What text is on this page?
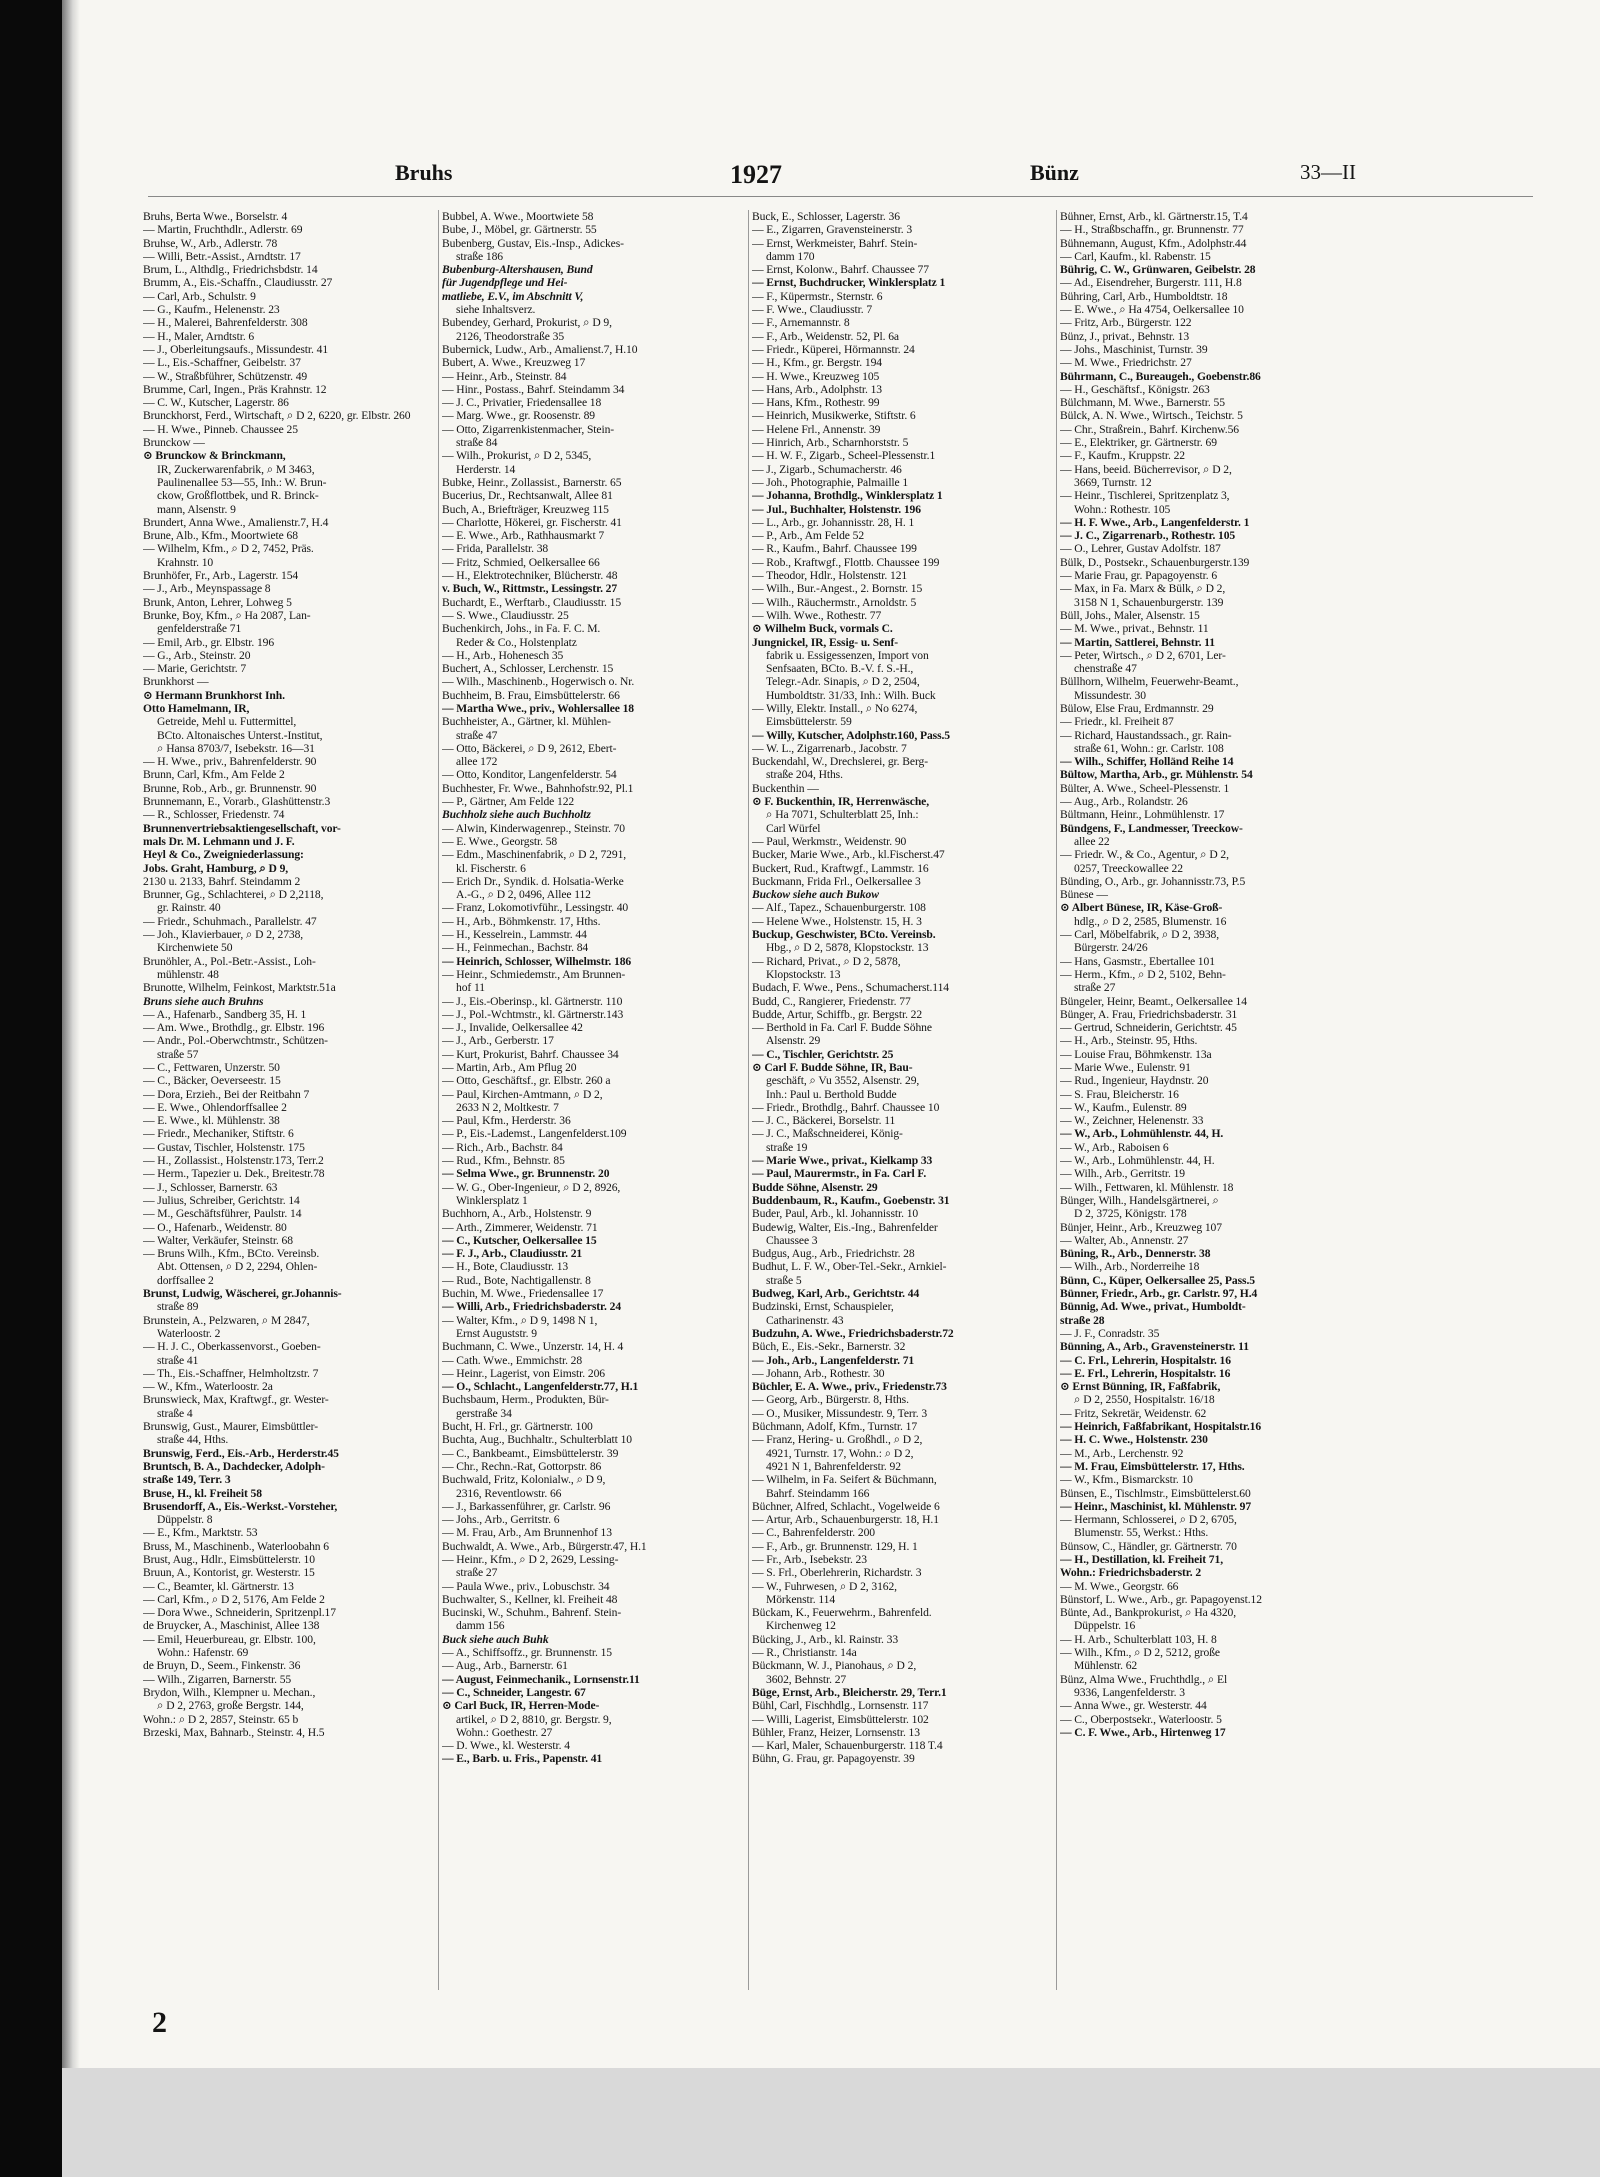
Bruhs	1927	Bünz	33—II
Bruhs, Berta Wwe., Borselstr. 4
— Martin, Fruchthdlr., Adlerstr. 69
Bruhse, W., Arb., Adlerstr. 78
— Willi, Betr.-Assist., Arndtstr. 17
Brum, L., Althdlg., Friedrichsbdstr. 14
Brumm, A., Eis.-Schaffn., Claudiusstr. 27
— Carl, Arb., Schulstr. 9
— G., Kaufm., Helenenstr. 23
— H., Malerei, Bahrenfelderstr. 308
— H., Maler, Arndtstr. 6
— J., Oberleitungsaufs., Missundestr. 41
— L., Eis.-Schaffner, Geibelstr. 37
— W., Straßbführer, Schützenstr. 49
Brumme, Carl, Ingen., Präs Krahnstr. 12
— C. W., Kutscher, Lagerstr. 86
Brunckhorst, Ferd., Wirtschaft, ⌕ D 2, 6220, gr. Elbstr. 260
— H. Wwe., Pinneb. Chaussee 25
Brunckow —
⊙ Brunckow & Brinckmann,
IR, Zuckerwarenfabrik, ⌕ M 3463,
Paulinenallee 53—55, Inh.: W. Brun-
ckow, Großflottbek, und R. Brinck-
mann, Alsenstr. 9
Brundert, Anna Wwe., Amalienstr.7, H.4
Brune, Alb., Kfm., Moortwiete 68
— Wilhelm, Kfm., ⌕ D 2, 7452, Präs.
Krahnstr. 10
Brunhöfer, Fr., Arb., Lagerstr. 154
— J., Arb., Meynspassage 8
Brunk, Anton, Lehrer, Lohweg 5
Brunke, Boy, Kfm., ⌕ Ha 2087, Lan-
genfelderstraße 71
— Emil, Arb., gr. Elbstr. 196
— G., Arb., Steinstr. 20
— Marie, Gerichtstr. 7
Brunkhorst —
⊙ Hermann Brunkhorst Inh.
Otto Hamelmann, IR,
Getreide, Mehl u. Futtermittel,
BCto. Altonaisches Unterst.-Institut,
⌕ Hansa 8703/7, Isebekstr. 16—31
— H. Wwe., priv., Bahrenfelderstr. 90
Brunn, Carl, Kfm., Am Felde 2
Brunne, Rob., Arb., gr. Brunnenstr. 90
Brunnemann, E., Vorarb., Glashüttenstr.3
— R., Schlosser, Friedenstr. 74
Brunnenvertriebsaktiengesellschaft, vor-
mals Dr. M. Lehmann und J. F.
Heyl & Co., Zweigniederlassung:
Jobs. Graht, Hamburg, ⌕ D 9,
2130 u. 2133, Bahrf. Steindamm 2
Brunner, Gg., Schlachterei, ⌕ D 2,2118,
gr. Rainstr. 40
— Friedr., Schuhmach., Parallelstr. 47
— Joh., Klavierbauer, ⌕ D 2, 2738,
Kirchenwiete 50
Brunöhler, A., Pol.-Betr.-Assist., Loh-
mühlenstr. 48
Brunotte, Wilhelm, Feinkost, Marktstr.51a
Bruns siehe auch Bruhns
— A., Hafenarb., Sandberg 35, H. 1
— Am. Wwe., Brothdlg., gr. Elbstr. 196
— Andr., Pol.-Oberwchtmstr., Schützen-
straße 57
— C., Fettwaren, Unzerstr. 50
— C., Bäcker, Oeverseestr. 15
— Dora, Erzieh., Bei der Reitbahn 7
— E. Wwe., Ohlendorffsallee 2
— E. Wwe., kl. Mühlenstr. 38
— Friedr., Mechaniker, Stiftstr. 6
— Gustav, Tischler, Holstenstr. 175
— H., Zollassist., Holstenstr.173, Terr.2
— Herm., Tapezier u. Dek., Breitestr.78
— J., Schlosser, Barnerstr. 63
— Julius, Schreiber, Gerichtstr. 14
— M., Geschäftsführer, Paulstr. 14
— O., Hafenarb., Weidenstr. 80
— Walter, Verkäufer, Steinstr. 68
— Bruns Wilh., Kfm., BCto. Vereinsb.
Abt. Ottensen, ⌕ D 2, 2294, Ohlen-
dorffsallee 2
Brunst, Ludwig, Wäscherei, gr.Johannis-
straße 89
Brunstein, A., Pelzwaren, ⌕ M 2847,
Waterloostr. 2
— H. J. C., Oberkassenvorst., Goeben-
straße 41
— Th., Eis.-Schaffner, Helmholtzstr. 7
— W., Kfm., Waterloostr. 2a
Brunswieck, Max, Kraftwgf., gr. Wester-
straße 4
Brunswig, Gust., Maurer, Eimsbüttler-
straße 44, Hths.
Brunswig, Ferd., Eis.-Arb., Herderstr.45
Bruntsch, B. A., Dachdecker, Adolph-
straße 149, Terr. 3
Bruse, H., kl. Freiheit 58
Brusendorff, A., Eis.-Werkst.-Vorsteher,
Düppelstr. 8
— E., Kfm., Marktstr. 53
Bruss, M., Maschinenb., Waterloobahn 6
Brust, Aug., Hdlr., Eimsbüttelerstr. 10
Bruun, A., Kontorist, gr. Westerstr. 15
— C., Beamter, kl. Gärtnerstr. 13
— Carl, Kfm., ⌕ D 2, 5176, Am Felde 2
— Dora Wwe., Schneiderin, Spritzenpl.17
de Bruycker, A., Maschinist, Allee 138
— Emil, Heuerbureau, gr. Elbstr. 100,
Wohn.: Hafenstr. 69
de Bruyn, D., Seem., Finkenstr. 36
— Wilh., Zigarren, Barnerstr. 55
Brydon, Wilh., Klempner u. Mechan.,
⌕ D 2, 2763, große Bergstr. 144,
Wohn.: ⌕ D 2, 2857, Steinstr. 65 b
Brzeski, Max, Bahnarb., Steinstr. 4, H.5
Bubbel, A. Wwe., Moortwiete 58
Bube, J., Möbel, gr. Gärtnerstr. 55
Bubenberg, Gustav, Eis.-Insp., Adickes-
straße 186
Bubenburg-Altershausen, Bund
für Jugendpflege und Hei-
matliebe, E.V., im Abschnitt V,
siehe Inhaltsverz.
Bubendey, Gerhard, Prokurist, ⌕ D 9,
2126, Theodorstraße 35
Bubernick, Ludw., Arb., Amalienst.7, H.10
Bubert, A. Wwe., Kreuzweg 17
— Heinr., Arb., Steinstr. 84
— Hinr., Postass., Bahrf. Steindamm 34
— J. C., Privatier, Friedensallee 18
— Marg. Wwe., gr. Roosenstr. 89
— Otto, Zigarrenkistenmacher, Stein-
straße 84
— Wilh., Prokurist, ⌕ D 2, 5345,
Herderstr. 14
Bubke, Heinr., Zollassist., Barnerstr. 65
Bucerius, Dr., Rechtsanwalt, Allee 81
Buch, A., Briefträger, Kreuzweg 115
— Charlotte, Hökerei, gr. Fischerstr. 41
— E. Wwe., Arb., Rathhausmarkt 7
— Frida, Parallelstr. 38
— Fritz, Schmied, Oelkersallee 66
— H., Elektrotechniker, Blücherstr. 48
v. Buch, W., Rittmstr., Lessingstr. 27
Buchardt, E., Werftarb., Claudiusstr. 15
— S. Wwe., Claudiusstr. 25
Buchenkirch, Johs., in Fa. F. C. M.
Reder & Co., Holstenplatz
— H., Arb., Hohenesch 35
Buchert, A., Schlosser, Lerchenstr. 15
— Wilh., Maschinenb., Hogerwisch o. Nr.
Buchheim, B. Frau, Eimsbüttelerstr. 66
— Martha Wwe., priv., Wohlersallee 18
Buchheister, A., Gärtner, kl. Mühlen-
straße 47
— Otto, Bäckerei, ⌕ D 9, 2612, Ebert-
allee 172
— Otto, Konditor, Langenfelderstr. 54
Buchhester, Fr. Wwe., Bahnhofstr.92, Pl.1
— P., Gärtner, Am Felde 122
Buchholz siehe auch Buchholtz
— Alwin, Kinderwagenrep., Steinstr. 70
— E. Wwe., Georgstr. 58
— Edm., Maschinenfabrik, ⌕ D 2, 7291,
kl. Fischerstr. 6
— Erich Dr., Syndik. d. Holsatia-Werke
A.-G., ⌕ D 2, 0496, Allee 112
— Franz, Lokomotivführ., Lessingstr. 40
— H., Arb., Böhmkenstr. 17, Hths.
— H., Kesselrein., Lammstr. 44
— H., Feinmechan., Bachstr. 84
— Heinrich, Schlosser, Wilhelmstr. 186
— Heinr., Schmiedemstr., Am Brunnen-
hof 11
— J., Eis.-Oberinsp., kl. Gärtnerstr. 110
— J., Pol.-Wchtmstr., kl. Gärtnerstr.143
— J., Invalide, Oelkersallee 42
— J., Arb., Gerberstr. 17
— Kurt, Prokurist, Bahrf. Chaussee 34
— Martin, Arb., Am Pflug 20
— Otto, Geschäftsf., gr. Elbstr. 260 a
— Paul, Kirchen-Amtmann, ⌕ D 2,
2633 N 2, Moltkestr. 7
— Paul, Kfm., Herderstr. 36
— P., Eis.-Lademst., Langenfelderst.109
— Rich., Arb., Bachstr. 84
— Rud., Kfm., Behnstr. 85
— Selma Wwe., gr. Brunnenstr. 20
— W. G., Ober-Ingenieur, ⌕ D 2, 8926,
Winklersplatz 1
Buchhorn, A., Arb., Holstenstr. 9
— Arth., Zimmerer, Weidenstr. 71
— C., Kutscher, Oelkersallee 15
— F. J., Arb., Claudiusstr. 21
— H., Bote, Claudiusstr. 13
— Rud., Bote, Nachtigallenstr. 8
Buchin, M. Wwe., Friedensallee 17
— Willi, Arb., Friedrichsbaderstr. 24
— Walter, Kfm., ⌕ D 9, 1498 N 1,
Ernst Auguststr. 9
Buchmann, C. Wwe., Unzerstr. 14, H. 4
— Cath. Wwe., Emmichstr. 28
— Heinr., Lagerist, von Eimstr. 206
— O., Schlacht., Langenfelderstr.77, H.1
Buchsbaum, Herm., Produkten, Bür-
gerstraße 34
Bucht, H. Frl., gr. Gärtnerstr. 100
Buchta, Aug., Buchhaltr., Schulterblatt 10
— C., Bankbeamt., Eimsbüttelerstr. 39
— Chr., Rechn.-Rat, Gottorpstr. 86
Buchwald, Fritz, Kolonialw., ⌕ D 9,
2316, Reventlowstr. 66
— J., Barkassenführer, gr. Carlstr. 96
— Johs., Arb., Gerritstr. 6
— M. Frau, Arb., Am Brunnenhof 13
Buchwaldt, A. Wwe., Arb., Bürgerstr.47, H.1
— Heinr., Kfm., ⌕ D 2, 2629, Lessing-
straße 27
— Paula Wwe., priv., Lobuschstr. 34
Buchwalter, S., Kellner, kl. Freiheit 48
Bucinski, W., Schuhm., Bahrenf. Stein-
damm 156
Buck siehe auch Buhk
— A., Schiffsoffz., gr. Brunnenstr. 15
— Aug., Arb., Barnerstr. 61
— August, Feinmechanik., Lornsenstr.11
— C., Schneider, Langestr. 67
⊙ Carl Buck, IR, Herren-Mode-
artikel, ⌕ D 2, 8810, gr. Bergstr. 9,
Wohn.: Goethestr. 27
— D. Wwe., kl. Westerstr. 4
— E., Barb. u. Fris., Papenstr. 41
Buck, E., Schlosser, Lagerstr. 36
— E., Zigarren, Gravensteinerstr. 3
— Ernst, Werkmeister, Bahrf. Stein-
damm 170
— Ernst, Kolonw., Bahrf. Chaussee 77
— Ernst, Buchdrucker, Winklersplatz 1
— F., Küpermstr., Sternstr. 6
— F. Wwe., Claudiusstr. 7
— F., Arnemannstr. 8
— F., Arb., Weidenstr. 52, Pl. 6a
— Friedr., Küperei, Hörmannstr. 24
— H., Kfm., gr. Bergstr. 194
— H. Wwe., Kreuzweg 105
— Hans, Arb., Adolphstr. 13
— Hans, Kfm., Rothestr. 99
— Heinrich, Musikwerke, Stiftstr. 6
— Helene Frl., Annenstr. 39
— Hinrich, Arb., Scharnhorststr. 5
— H. W. F., Zigarb., Scheel-Plessenstr.1
— J., Zigarb., Schumacherstr. 46
— Joh., Photographie, Palmaille 1
— Johanna, Brothdlg., Winklersplatz 1
— Jul., Buchhalter, Holstenstr. 196
— L., Arb., gr. Johannisstr. 28, H. 1
— P., Arb., Am Felde 52
— R., Kaufm., Bahrf. Chaussee 199
— Rob., Kraftwgf., Flottb. Chaussee 199
— Theodor, Hdlr., Holstenstr. 121
— Wilh., Bur.-Angest., 2. Bornstr. 15
— Wilh., Räuchermstr., Arnoldstr. 5
— Wilh. Wwe., Rothestr. 77
⊙ Wilhelm Buck, vormals C.
Jungnickel, IR, Essig- u. Senf-
fabrik u. Essigessenzen, Import von
Senfsaaten, BCto. B.-V. f. S.-H.,
Telegr.-Adr. Sinapis, ⌕ D 2, 2504,
Humboldtstr. 31/33, Inh.: Wilh. Buck
— Willy, Elektr. Install., ⌕ No 6274,
Eimsbüttelerstr. 59
— Willy, Kutscher, Adolphstr.160, Pass.5
— W. L., Zigarrenarb., Jacobstr. 7
Buckendahl, W., Drechslerei, gr. Berg-
straße 204, Hths.
Buckenthin —
⊙ F. Buckenthin, IR, Herrenwäsche,
⌕ Ha 7071, Schulterblatt 25, Inh.:
Carl Würfel
— Paul, Werkmstr., Weidenstr. 90
Bucker, Marie Wwe., Arb., kl.Fischerst.47
Buckert, Rud., Kraftwgf., Lammstr. 16
Buckmann, Frida Frl., Oelkersallee 3
Buckow siehe auch Bukow
— Alf., Tapez., Schauenburgerstr. 108
— Helene Wwe., Holstenstr. 15, H. 3
Buckup, Geschwister, BCto. Vereinsb.
Hbg., ⌕ D 2, 5878, Klopstockstr. 13
— Richard, Privat., ⌕ D 2, 5878,
Klopstockstr. 13
Budach, F. Wwe., Pens., Schumacherst.114
Budd, C., Rangierer, Friedenstr. 77
Budde, Artur, Schiffb., gr. Bergstr. 22
— Berthold in Fa. Carl F. Budde Söhne
Alsenstr. 29
— C., Tischler, Gerichtstr. 25
⊙ Carl F. Budde Söhne, IR, Bau-
geschäft, ⌕ Vu 3552, Alsenstr. 29,
Inh.: Paul u. Berthold Budde
— Friedr., Brothdlg., Bahrf. Chaussee 10
— J. C., Bäckerei, Borselstr. 11
— J. C., Maßschneiderei, König-
straße 19
— Marie Wwe., privat., Kielkamp 33
— Paul, Maurermstr., in Fa. Carl F.
Budde Söhne, Alsenstr. 29
Buddenbaum, R., Kaufm., Goebenstr. 31
Buder, Paul, Arb., kl. Johannisstr. 10
Budewig, Walter, Eis.-Ing., Bahrenfelder
Chaussee 3
Budgus, Aug., Arb., Friedrichstr. 28
Budhut, L. F. W., Ober-Tel.-Sekr., Arnkiel-
straße 5
Budweg, Karl, Arb., Gerichtstr. 44
Budzinski, Ernst, Schauspieler,
Catharinenstr. 43
Budzuhn, A. Wwe., Friedrichsbaderstr.72
Büch, E., Eis.-Sekr., Barnerstr. 32
— Joh., Arb., Langenfelderstr. 71
— Johann, Arb., Rothestr. 30
Büchler, E. A. Wwe., priv., Friedenstr.73
— Georg, Arb., Bürgerstr. 8, Hths.
— O., Musiker, Missundestr. 9, Terr. 3
Büchmann, Adolf, Kfm., Turnstr. 17
— Franz, Hering- u. Großhdl., ⌕ D 2,
4921, Turnstr. 17, Wohn.: ⌕ D 2,
4921 N 1, Bahrenfelderstr. 92
— Wilhelm, in Fa. Seifert & Büchmann,
Bahrf. Steindamm 166
Büchner, Alfred, Schlacht., Vogelweide 6
— Artur, Arb., Schauenburgerstr. 18, H.1
— C., Bahrenfelderstr. 200
— F., Arb., gr. Brunnenstr. 129, H. 1
— Fr., Arb., Isebekstr. 23
— S. Frl., Oberlehrerin, Richardstr. 3
— W., Fuhrwesen, ⌕ D 2, 3162,
Mörkenstr. 114
Bückam, K., Feuerwehrm., Bahrenfeld.
Kirchenweg 12
Bücking, J., Arb., kl. Rainstr. 33
— R., Christianstr. 14a
Bückmann, W. J., Pianohaus, ⌕ D 2,
3602, Behnstr. 27
Büge, Ernst, Arb., Bleicherstr. 29, Terr.1
Bühl, Carl, Fischhdlg., Lornsenstr. 117
— Willi, Lagerist, Eimsbüttelerstr. 102
Bühler, Franz, Heizer, Lornsenstr. 13
— Karl, Maler, Schauenburgerstr. 118 T.4
Bühn, G. Frau, gr. Papagoyenstr. 39
Bühner, Ernst, Arb., kl. Gärtnerstr.15, T.4
— H., Straßbschaffn., gr. Brunnenstr. 77
Bühnemann, August, Kfm., Adolphstr.44
— Carl, Kaufm., kl. Rabenstr. 15
Bührig, C. W., Grünwaren, Geibelstr. 28
— Ad., Eisendreher, Burgerstr. 111, H.8
Bühring, Carl, Arb., Humboldtstr. 18
— E. Wwe., ⌕ Ha 4754, Oelkersallee 10
— Fritz, Arb., Bürgerstr. 122
Bünz, J., privat., Behnstr. 13
— Johs., Maschinist, Turnstr. 39
— M. Wwe., Friedrichstr. 27
Bührmann, C., Bureaugeh., Goebenstr.86
— H., Geschäftsf., Königstr. 263
Bülchmann, M. Wwe., Barnerstr. 55
Bülck, A. N. Wwe., Wirtsch., Teichstr. 5
— Chr., Straßrein., Bahrf. Kirchenw.56
— E., Elektriker, gr. Gärtnerstr. 69
— F., Kaufm., Kruppstr. 22
— Hans, beeid. Bücherrevisor, ⌕ D 2,
3669, Turnstr. 12
— Heinr., Tischlerei, Spritzenplatz 3,
Wohn.: Rothestr. 105
— H. F. Wwe., Arb., Langenfelderstr. 1
— J. C., Zigarrenarb., Rothestr. 105
— O., Lehrer, Gustav Adolfstr. 187
Bülk, D., Postsekr., Schauenburgerstr.139
— Marie Frau, gr. Papagoyenstr. 6
— Max, in Fa. Marx & Bülk, ⌕ D 2,
3158 N 1, Schauenburgerstr. 139
Büll, Johs., Maler, Alsenstr. 15
— M. Wwe., privat., Behnstr. 11
— Martin, Sattlerei, Behnstr. 11
— Peter, Wirtsch., ⌕ D 2, 6701, Ler-
chenstraße 47
Büllhorn, Wilhelm, Feuerwehr-Beamt.,
Missundestr. 30
Bülow, Else Frau, Erdmannstr. 29
— Friedr., kl. Freiheit 87
— Richard, Haustandssach., gr. Rain-
straße 61, Wohn.: gr. Carlstr. 108
— Wilh., Schiffer, Holländ Reihe 14
Bültow, Martha, Arb., gr. Mühlenstr. 54
Bülter, A. Wwe., Scheel-Plessenstr. 1
— Aug., Arb., Rolandstr. 26
Bültmann, Heinr., Lohmühlenstr. 17
Bündgens, F., Landmesser, Treeckow-
allee 22
— Friedr. W., & Co., Agentur, ⌕ D 2,
0257, Treeckowallee 22
Bünding, O., Arb., gr. Johannisstr.73, P.5
Bünese —
⊙ Albert Bünese, IR, Käse-Groß-
hdlg., ⌕ D 2, 2585, Blumenstr. 16
— Carl, Möbelfabrik, ⌕ D 2, 3938,
Bürgerstr. 24/26
— Hans, Gasmstr., Ebertallee 101
— Herm., Kfm., ⌕ D 2, 5102, Behn-
straße 27
Büngeler, Heinr, Beamt., Oelkersallee 14
Bünger, A. Frau, Friedrichsbaderstr. 31
— Gertrud, Schneiderin, Gerichtstr. 45
— H., Arb., Steinstr. 95, Hths.
— Louise Frau, Böhmkenstr. 13a
— Marie Wwe., Eulenstr. 91
— Rud., Ingenieur, Haydnstr. 20
— S. Frau, Bleicherstr. 16
— W., Kaufm., Eulenstr. 89
— W., Zeichner, Helenenstr. 33
— W., Arb., Lohmühlenstr. 44, H.
— W., Arb., Raboisen 6
— W., Arb., Lohmühlenstr. 44, H.
— Wilh., Arb., Gerritstr. 19
— Wilh., Fettwaren, kl. Mühlenstr. 18
Bünger, Wilh., Handelsgärtnerei, ⌕
D 2, 3725, Königstr. 178
Bünjer, Heinr., Arb., Kreuzweg 107
— Walter, Ab., Annenstr. 27
Büning, R., Arb., Dennerstr. 38
— Wilh., Arb., Norderreihe 18
Bünn, C., Küper, Oelkersallee 25, Pass.5
Bünner, Friedr., Arb., gr. Carlstr. 97, H.4
Bünnig, Ad. Wwe., privat., Humboldt-
straße 28
— J. F., Conradstr. 35
Bünning, A., Arb., Gravensteinerstr. 11
— C. Frl., Lehrerin, Hospitalstr. 16
— E. Frl., Lehrerin, Hospitalstr. 16
⊙ Ernst Bünning, IR, Faßfabrik,
⌕ D 2, 2550, Hospitalstr. 16/18
— Fritz, Sekretär, Weidenstr. 62
— Heinrich, Faßfabrikant, Hospitalstr.16
— H. C. Wwe., Holstenstr. 230
— M., Arb., Lerchenstr. 92
— M. Frau, Eimsbüttelerstr. 17, Hths.
— W., Kfm., Bismarckstr. 10
Bünsen, E., Tischlmstr., Eimsbüttelerst.60
— Heinr., Maschinist, kl. Mühlenstr. 97
— Hermann, Schlosserei, ⌕ D 2, 6705,
Blumenstr. 55, Werkst.: Hths.
Bünsow, C., Händler, gr. Gärtnerstr. 70
— H., Destillation, kl. Freiheit 71,
Wohn.: Friedrichsbaderstr. 2
— M. Wwe., Georgstr. 66
Bünstorf, L. Wwe., Arb., gr. Papagoyenst.12
Bünte, Ad., Bankprokurist, ⌕ Ha 4320,
Düppelstr. 16
— H. Arb., Schulterblatt 103, H. 8
— Wilh., Kfm., ⌕ D 2, 5212, große
Mühlenstr. 62
Bünz, Alma Wwe., Fruchthdlg., ⌕ El
9336, Langenfelderstr. 3
— Anna Wwe., gr. Westerstr. 44
— C., Oberpostsekr., Waterloostr. 5
— C. F. Wwe., Arb., Hirtenweg 17
2
